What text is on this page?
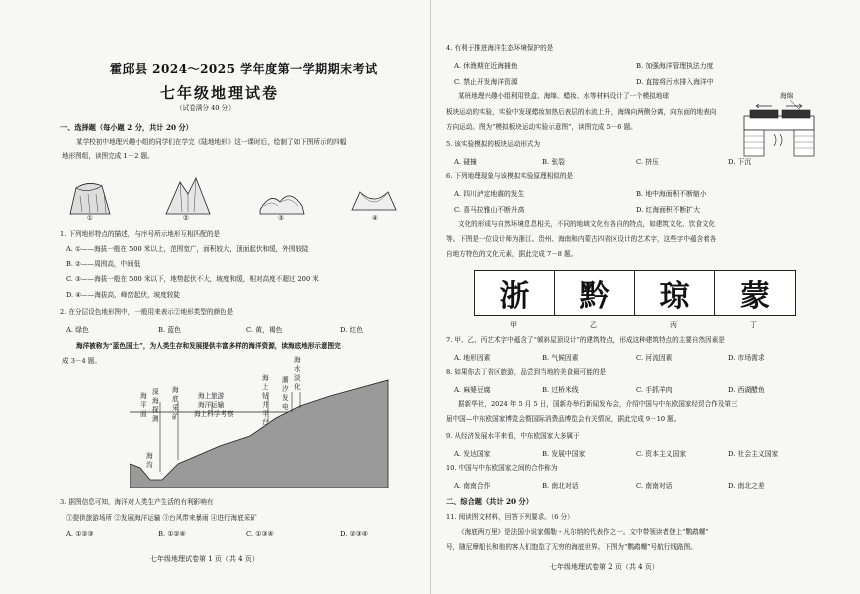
霍邱县 2024～2025 学年度第一学期期末考试
七年级地理试卷
（试卷满分 40 分）
一、选择题（每小题 2 分，共计 20 分）
某学校初中地理兴趣小组的同学们在学完《陆地地形》这一课时后，绘制了如下图所示的四幅
地形图组，读图完成 1－2 题。
①	②	③	④
1. 下列地形特点的描述，与序号所示地形互相匹配的是
A. ①——海拔一般在 500 米以上，范围宽广，面积较大，顶面起伏和缓，外围较陡
B. ②——周围高，中间低
C. ③——海拔一般在 500 米以下，地势起伏不大，坡度和缓，相对高度不超过 200 米
D. ④——海拔高，峰峦起伏，坡度较陡
2. 在分层设色地形图中，一般用来表示②地形类型的颜色是
A. 绿色	B. 蓝色	C. 黄，褐色	D. 红色
海洋被称为“蓝色国土”，为人类生存和发展提供丰富多样的海洋资源，读海底地形示意图完
成 3－4 题。
海平面
深海探测
海底采矿
海上旅游
海洋运输
海上科学考察
海上钻井平台
潮汐发电
海水淡化
海沟
3. 据图信息可知，海洋对人类生产生活的有利影响有
①提供旅游场所 ②发展海洋运输 ③台风带来暴雨 ④进行海底采矿
A. ①②③	B. ①②④	C. ①③④	D. ②③④
七年级地理试卷第 1 页（共 4 页）
4. 有利于推进海洋生态环境保护的是
A. 休渔期在近海捕鱼	B. 加强海洋管理执法力度
C. 禁止开发海洋资源	D. 直接将污水排入海洋中
某班地理兴趣小组利用铁盒、海绵、蜡妆、水等材料设计了一个模拟地球
板块运动的实验，实验中发现蜡妆加热后表层的水流上升，海绵向两侧分离，向东面的地表向
方向运动。图为“模拟板块运动实验示意图”，读图完成 5－6 题。
海绵
5. 该实验模拟的板块运动形式为
A. 碰撞	B. 张裂	C. 挤压	D. 下沉
6. 下列地理现象与该模拟实验原理相似的是
A. 四川泸定地震的发生	B. 地中海面积不断缩小
C. 喜马拉雅山不断升高	D. 红海面积不断扩大
文化的形成与自然环境息息相关，不同的地域文化有各自的特点，如建筑文化、饮食文化
等。下图是一位设计师为浙江、贵州、海南和内蒙古四省区设计的艺术字，这些字中蕴含着各
自地方特色的文化元素，据此完成 7－8 题。
浙	黔	琼	蒙
甲	乙	丙	丁
7. 甲、乙、丙艺术字中蕴含了“倾斜屋顶设计”的建筑特点，形成这种建筑特点的主要自然因素是
A. 地形因素	B. 气候因素	C. 河流因素	D. 市场需求
8. 如果你去丁省区旅游，品尝到当地的美食最可能的是
A. 麻婆豆腐	B. 过桥米线	C. 手抓羊肉	D. 西湖醋鱼
据新华社，2024 年 5 月 5 日，国新办举行新闻发布会，介绍中国与中东欧国家经贸合作及第三
届中国—中东欧国家博览会暨国际消费品博览会有关情况，据此完成 9－10 题。
9. 从经济发展水平来看，中东欧国家大多属于
A. 发达国家	B. 发展中国家	C. 资本主义国家	D. 社会主义国家
10. 中国与中东欧国家之间的合作称为
A. 南南合作	B. 南北对话	C. 南南对话	D. 南北之差
二、综合题（共计 20 分）
11. 阅读图文材料，回答下列要求。（6 分）
《海底两万里》是法国小说家儒勒・凡尔纳的代表作之一。文中带领读者登上“鹦鹉螺”
号，随尼摩船长和他的客人们饱览了无穷的海底世界。下图为“鹦鹉螺”号航行线路图。
七年级地理试卷第 2 页（共 4 页）
